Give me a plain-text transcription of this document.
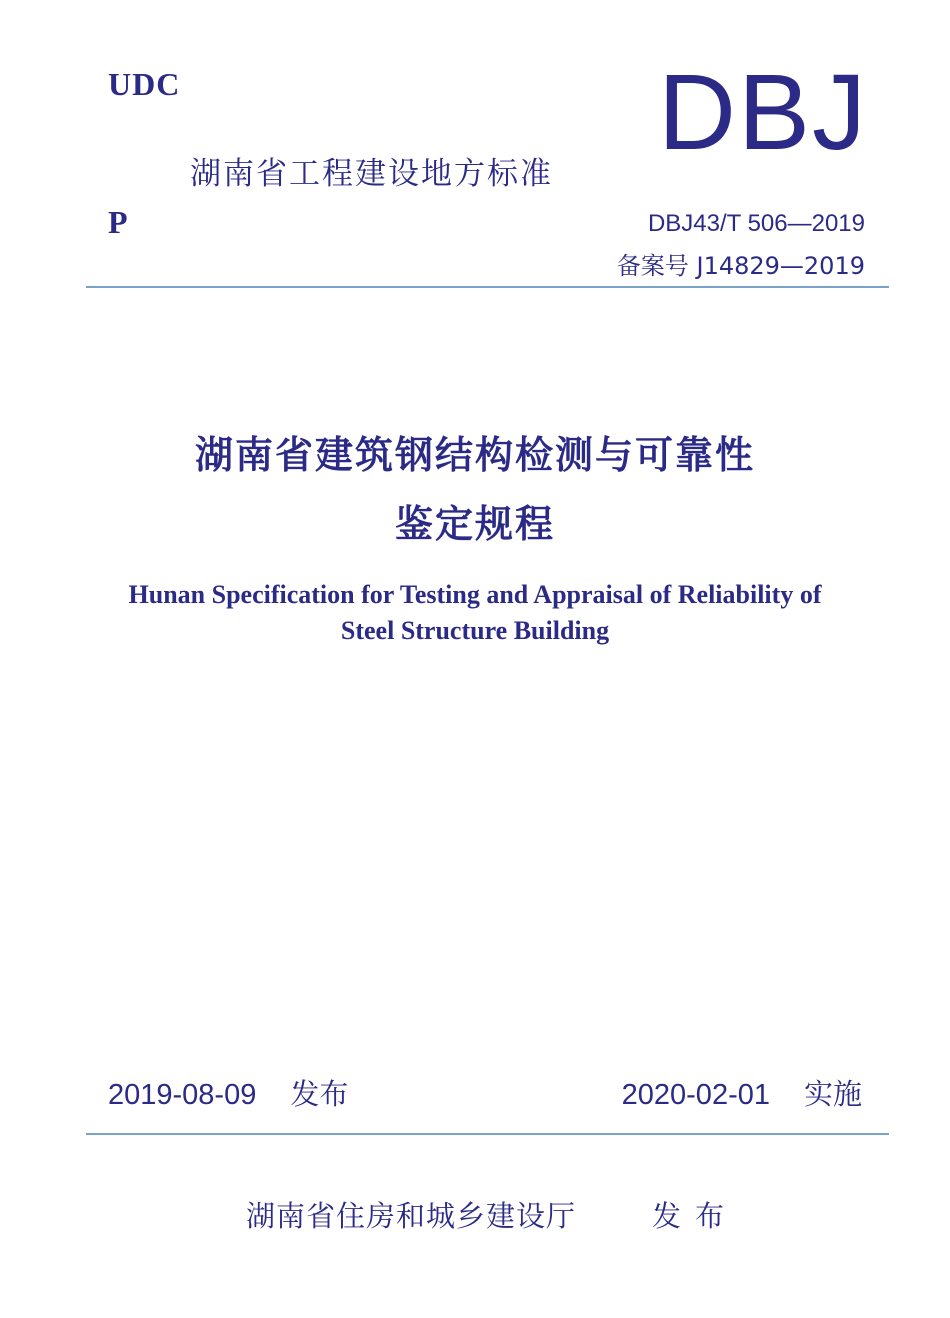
UDC
湖南省工程建设地方标准
P
DBJ
DBJ43/T 506—2019
备案号 J14829—2019
湖南省建筑钢结构检测与可靠性
鉴定规程
Hunan Specification for Testing and Appraisal of Reliability of
Steel Structure Building
2019-08-09 发布	2020-02-01 实施
湖南省住房和城乡建设厅	发布
